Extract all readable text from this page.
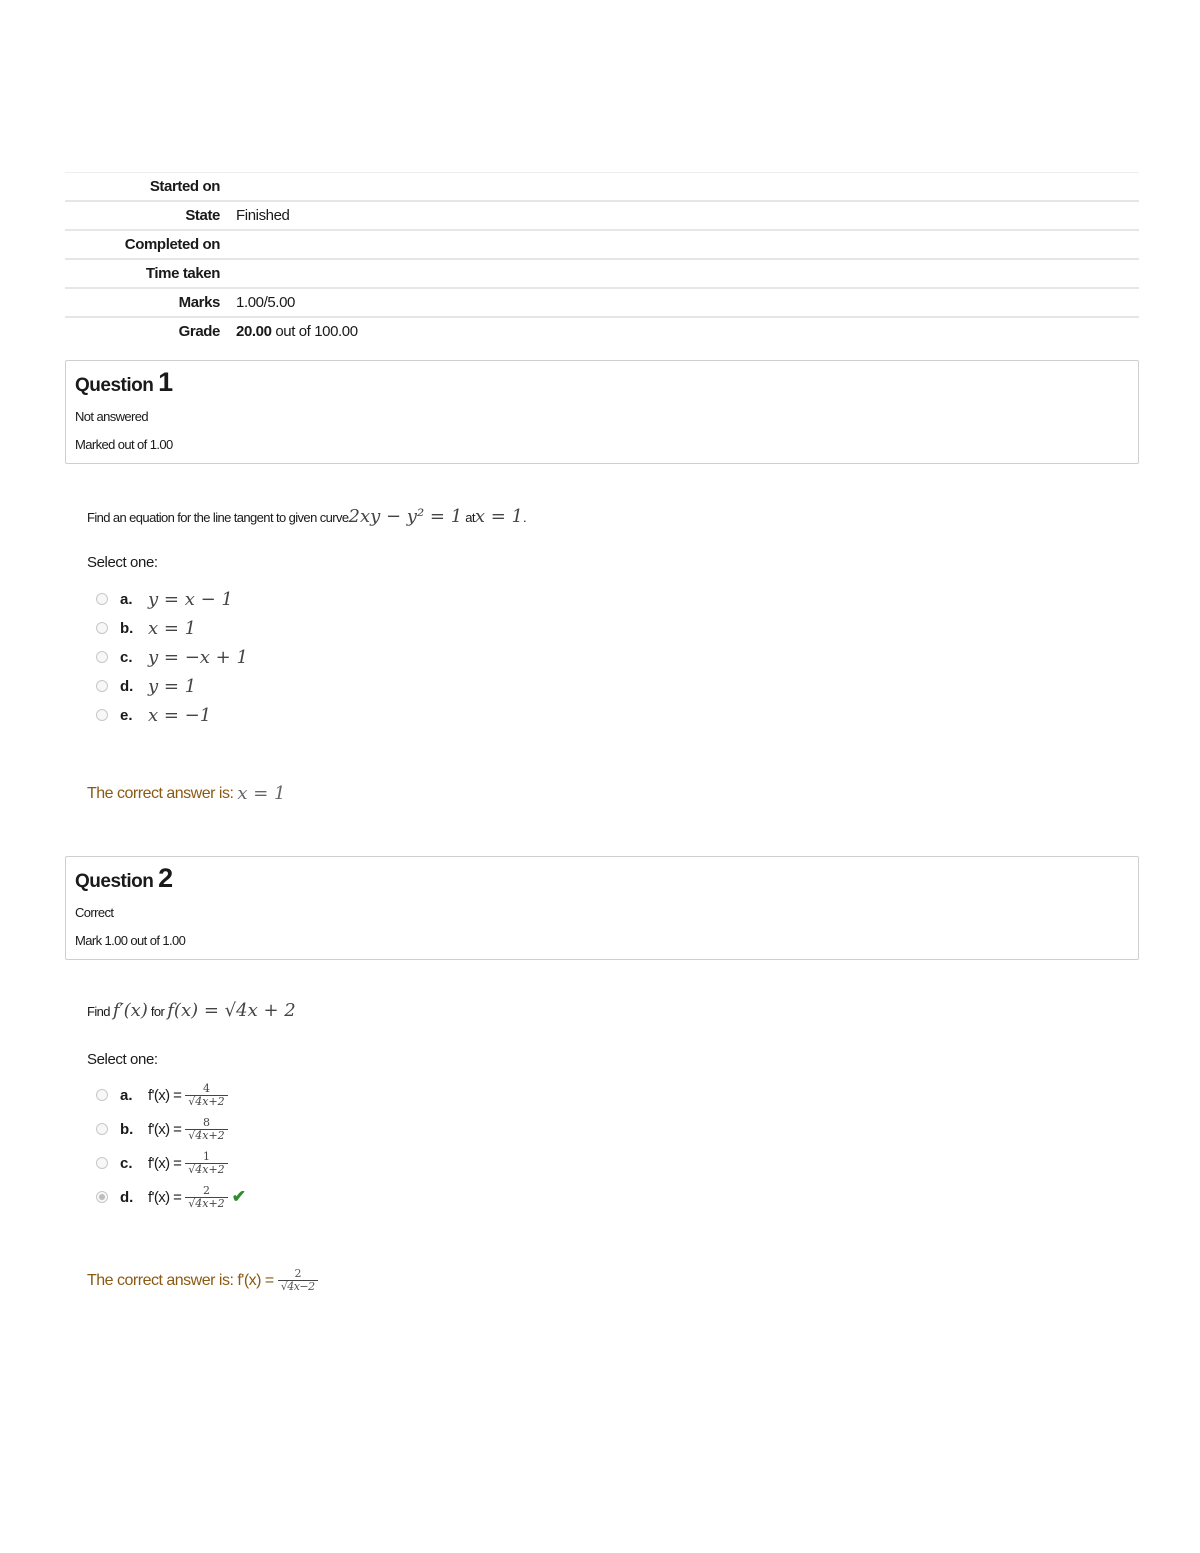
Started on	
State	Finished
Completed on	
Time taken	
Marks	1.00/5.00
Grade	20.00 out of 100.00
Question 1
Not answered
Marked out of 1.00
Find an equation for the line tangent to given curve2xy − y² = 1 atx = 1.
Select one:
a. y = x − 1
b. x = 1
c. y = −x + 1
d. y = 1
e. x = −1
The correct answer is: x = 1
Question 2
Correct
Mark 1.00 out of 1.00
Find f′(x) for f(x) = √4x + 2
Select one:
a.	$f'(x) = \frac{4}{√4x+2}$
b. $f'(x) = \frac{8}{√4x+2}$
c.	$f'(x) = \frac{1}{√4x+2}$
d. $f'(x) = \frac{2}{√4x+2}$ ✔
The correct answer is: $f'(x) = \frac{2}{√4x-2}$
